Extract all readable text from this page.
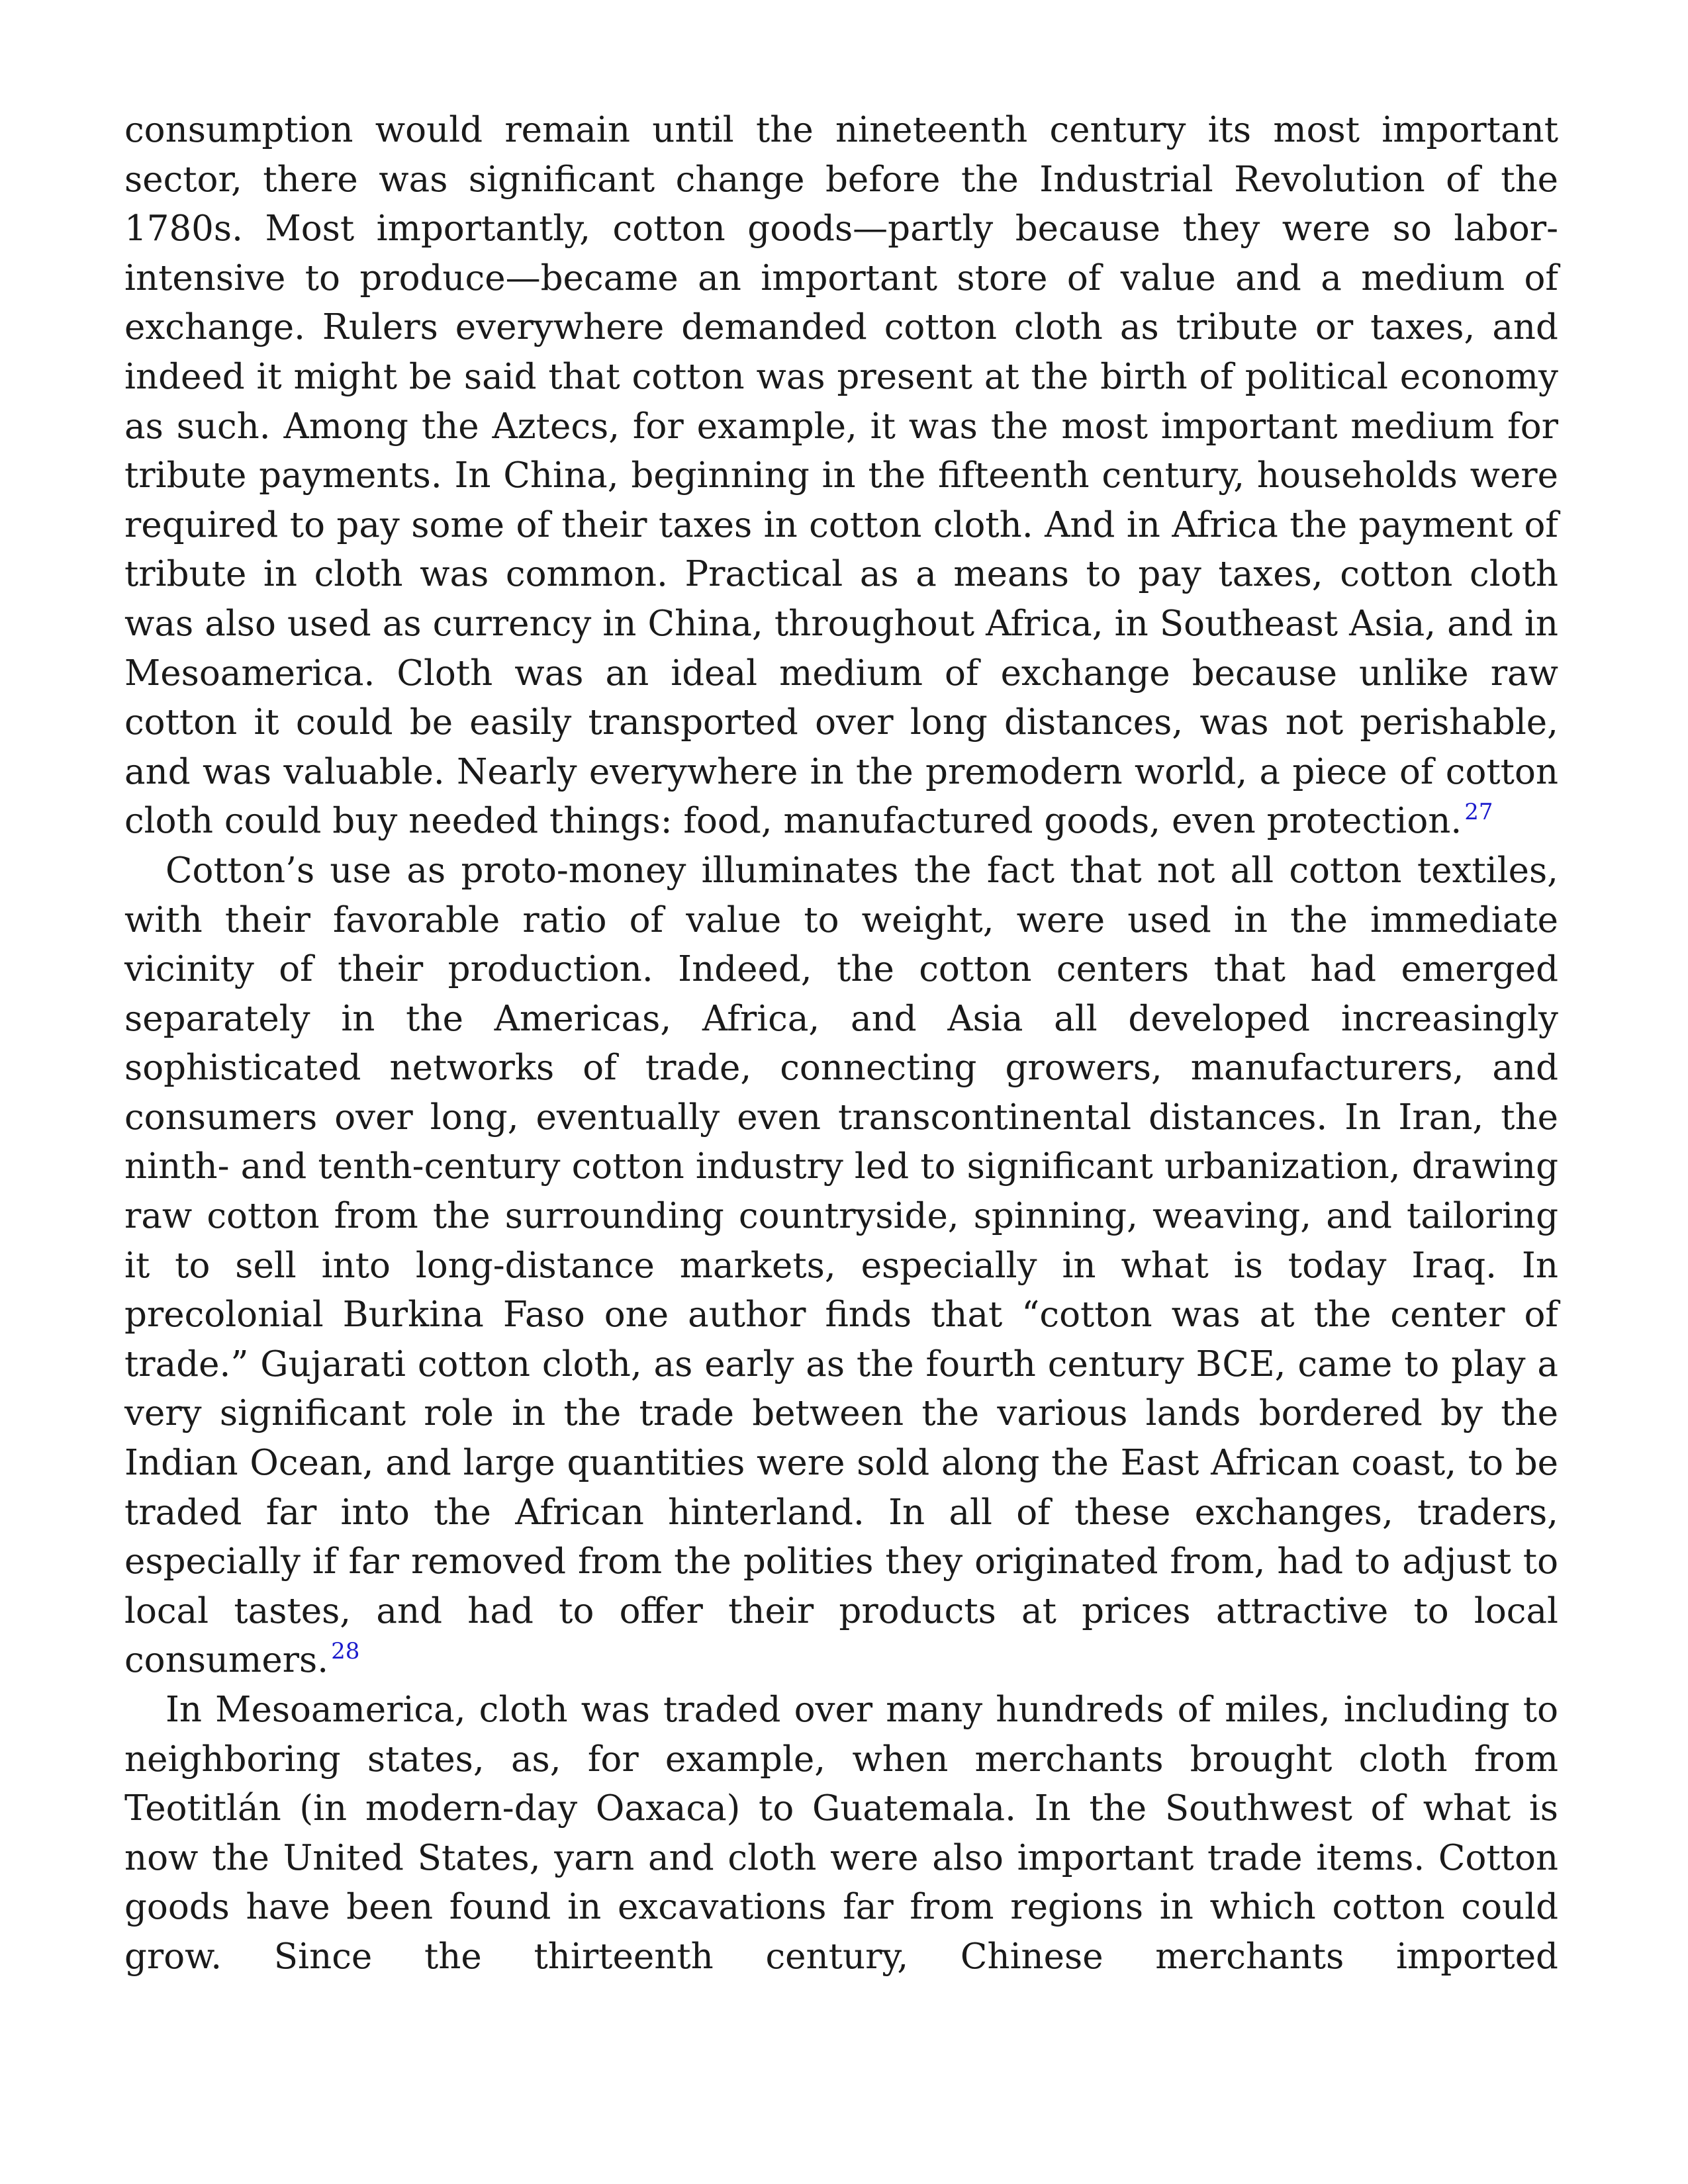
consumption would remain until the nineteenth century its most important sector, there was significant change before the Industrial Revolution of the 1780s. Most importantly, cotton goods—partly because they were so labor-intensive to produce—became an important store of value and a medium of exchange. Rulers everywhere demanded cotton cloth as tribute or taxes, and indeed it might be said that cotton was present at the birth of political economy as such. Among the Aztecs, for example, it was the most important medium for tribute payments. In China, beginning in the fifteenth century, households were required to pay some of their taxes in cotton cloth. And in Africa the payment of tribute in cloth was common. Practical as a means to pay taxes, cotton cloth was also used as currency in China, throughout Africa, in Southeast Asia, and in Mesoamerica. Cloth was an ideal medium of exchange because unlike raw cotton it could be easily transported over long distances, was not perishable, and was valuable. Nearly everywhere in the premodern world, a piece of cotton cloth could buy needed things: food, manufactured goods, even protection. $^{27}$

Cotton’s use as proto-money illuminates the fact that not all cotton textiles, with their favorable ratio of value to weight, were used in the immediate vicinity of their production. Indeed, the cotton centers that had emerged separately in the Americas, Africa, and Asia all developed increasingly sophisticated networks of trade, connecting growers, manufacturers, and consumers over long, eventually even transcontinental distances. In Iran, the ninth- and tenth-century cotton industry led to significant urbanization, drawing raw cotton from the surrounding countryside, spinning, weaving, and tailoring it to sell into long-distance markets, especially in what is today Iraq. In precolonial Burkina Faso one author finds that “cotton was at the center of trade.” Gujarati cotton cloth, as early as the fourth century BCE, came to play a very significant role in the trade between the various lands bordered by the Indian Ocean, and large quantities were sold along the East African coast, to be traded far into the African hinterland. In all of these exchanges, traders, especially if far removed from the polities they originated from, had to adjust to local tastes, and had to offer their products at prices attractive to local consumers. $^{28}$

In Mesoamerica, cloth was traded over many hundreds of miles, including to neighboring states, as, for example, when merchants brought cloth from Teotitlán (in modern-day Oaxaca) to Guatemala. In the Southwest of what is now the United States, yarn and cloth were also important trade items. Cotton goods have been found in excavations far from regions in which cotton could grow. Since the thirteenth century, Chinese merchants imported
